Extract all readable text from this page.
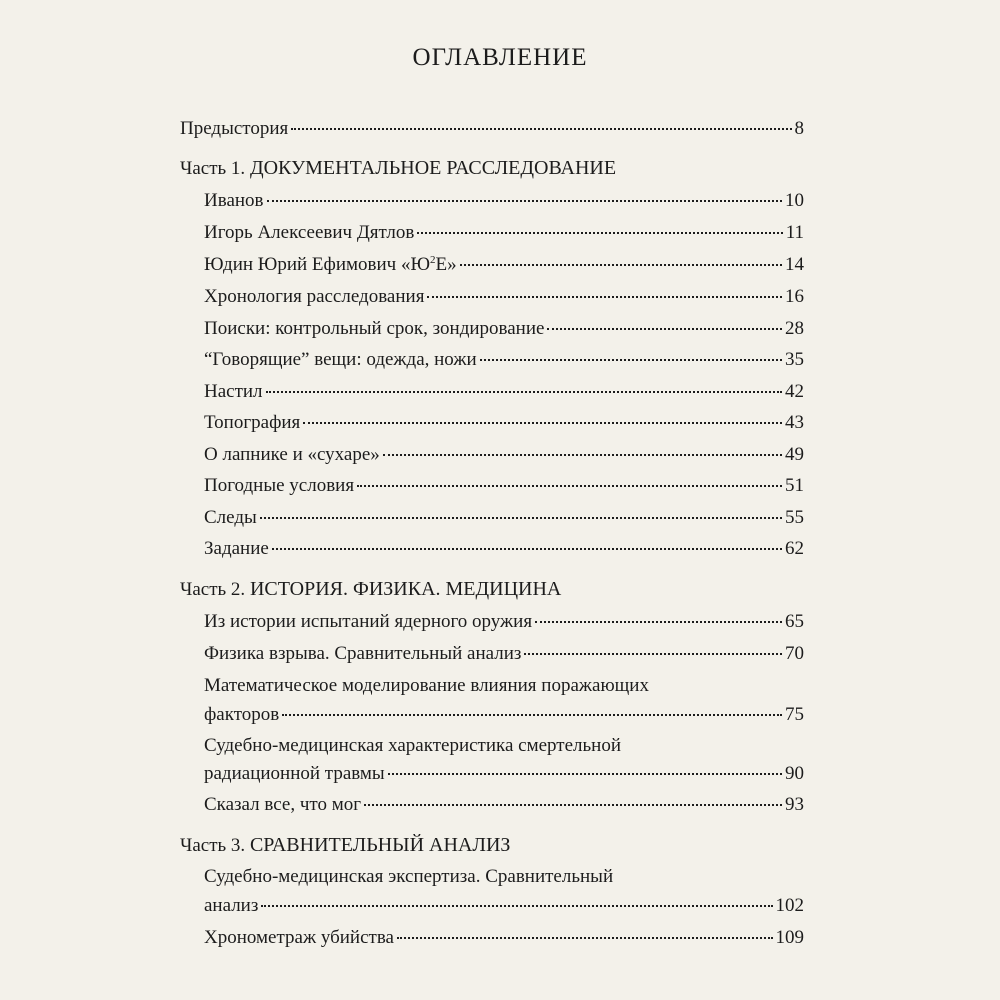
ОГЛАВЛЕНИЕ
Предыстория	8
Часть 1. ДОКУМЕНТАЛЬНОЕ РАССЛЕДОВАНИЕ
Иванов	10
Игорь Алексеевич Дятлов	11
Юдин Юрий Ефимович «$Ю^2Е$»	14
Хронология расследования	16
Поиски: контрольный срок, зондирование	28
“Говорящие” вещи: одежда, ножи	35
Настил	42
Топография	43
О лапнике и «сухаре»	49
Погодные условия	51
Следы	55
Задание	62
Часть 2. ИСТОРИЯ. ФИЗИКА. МЕДИЦИНА
Из истории испытаний ядерного оружия	65
Физика взрыва. Сравнительный анализ	70
Математическое моделирование влияния поражающих
факторов	75
Судебно-медицинская характеристика смертельной
радиационной травмы	90
Сказал все, что мог	93
Часть 3. СРАВНИТЕЛЬНЫЙ АНАЛИЗ
Судебно-медицинская экспертиза. Сравнительный
анализ	102
Хронометраж убийства	109
